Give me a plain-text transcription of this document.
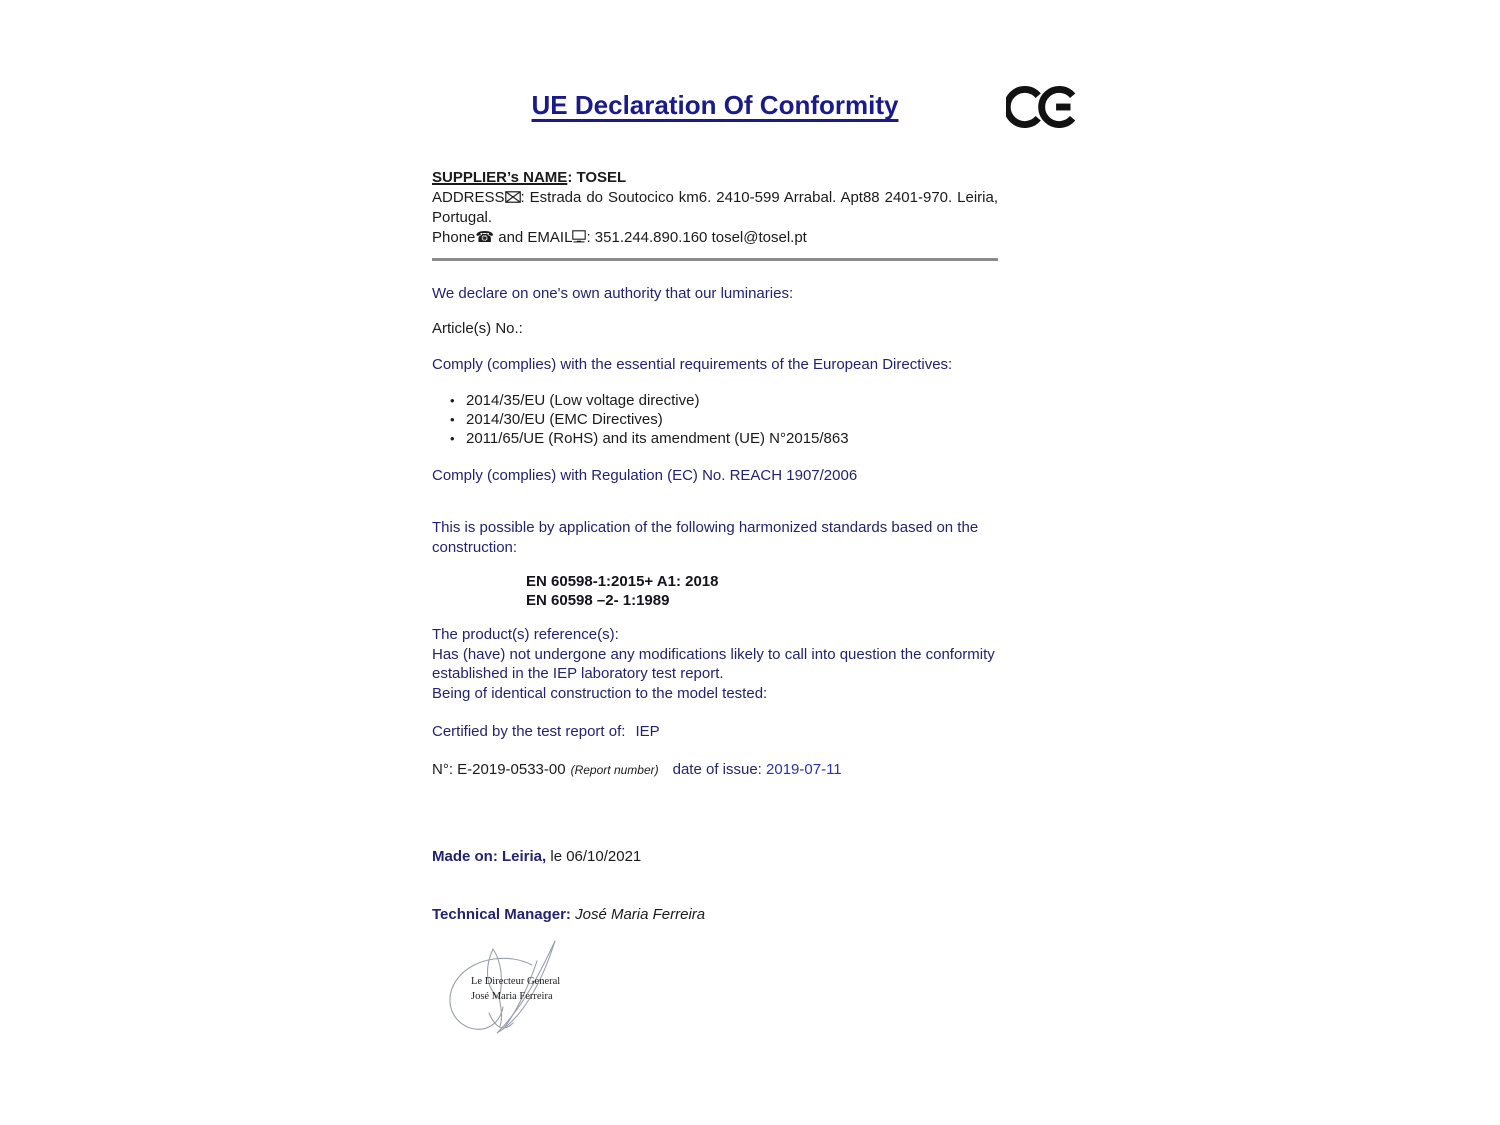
UE Declaration Of Conformity
SUPPLIER’s NAME: TOSEL
ADDRESS : Estrada do Soutocico km6. 2410-599 Arrabal. Apt88 2401-970. Leiria,
Portugal.
Phone☎ and EMAIL : 351.244.890.160 tosel@tosel.pt
We declare on one's own authority that our luminaries:
Article(s) No.:
Comply (complies) with the essential requirements of the European Directives:
• 2014/35/EU (Low voltage directive)
• 2014/30/EU (EMC Directives)
• 2011/65/UE (RoHS) and its amendment (UE) N°2015/863
Comply (complies) with Regulation (EC) No. REACH 1907/2006
This is possible by application of the following harmonized standards based on the
construction:
EN 60598-1:2015+ A1: 2018
EN 60598 –2- 1:1989
The product(s) reference(s):
Has (have) not undergone any modifications likely to call into question the conformity
established in the IEP laboratory test report.
Being of identical construction to the model tested:
Certified by the test report of: IEP
N°: E-2019-0533-00 (Report number) date of issue: 2019-07-11
Made on: Leiria, le 06/10/2021
Technical Manager: José Maria Ferreira
Le Directeur General
José Maria Ferreira
